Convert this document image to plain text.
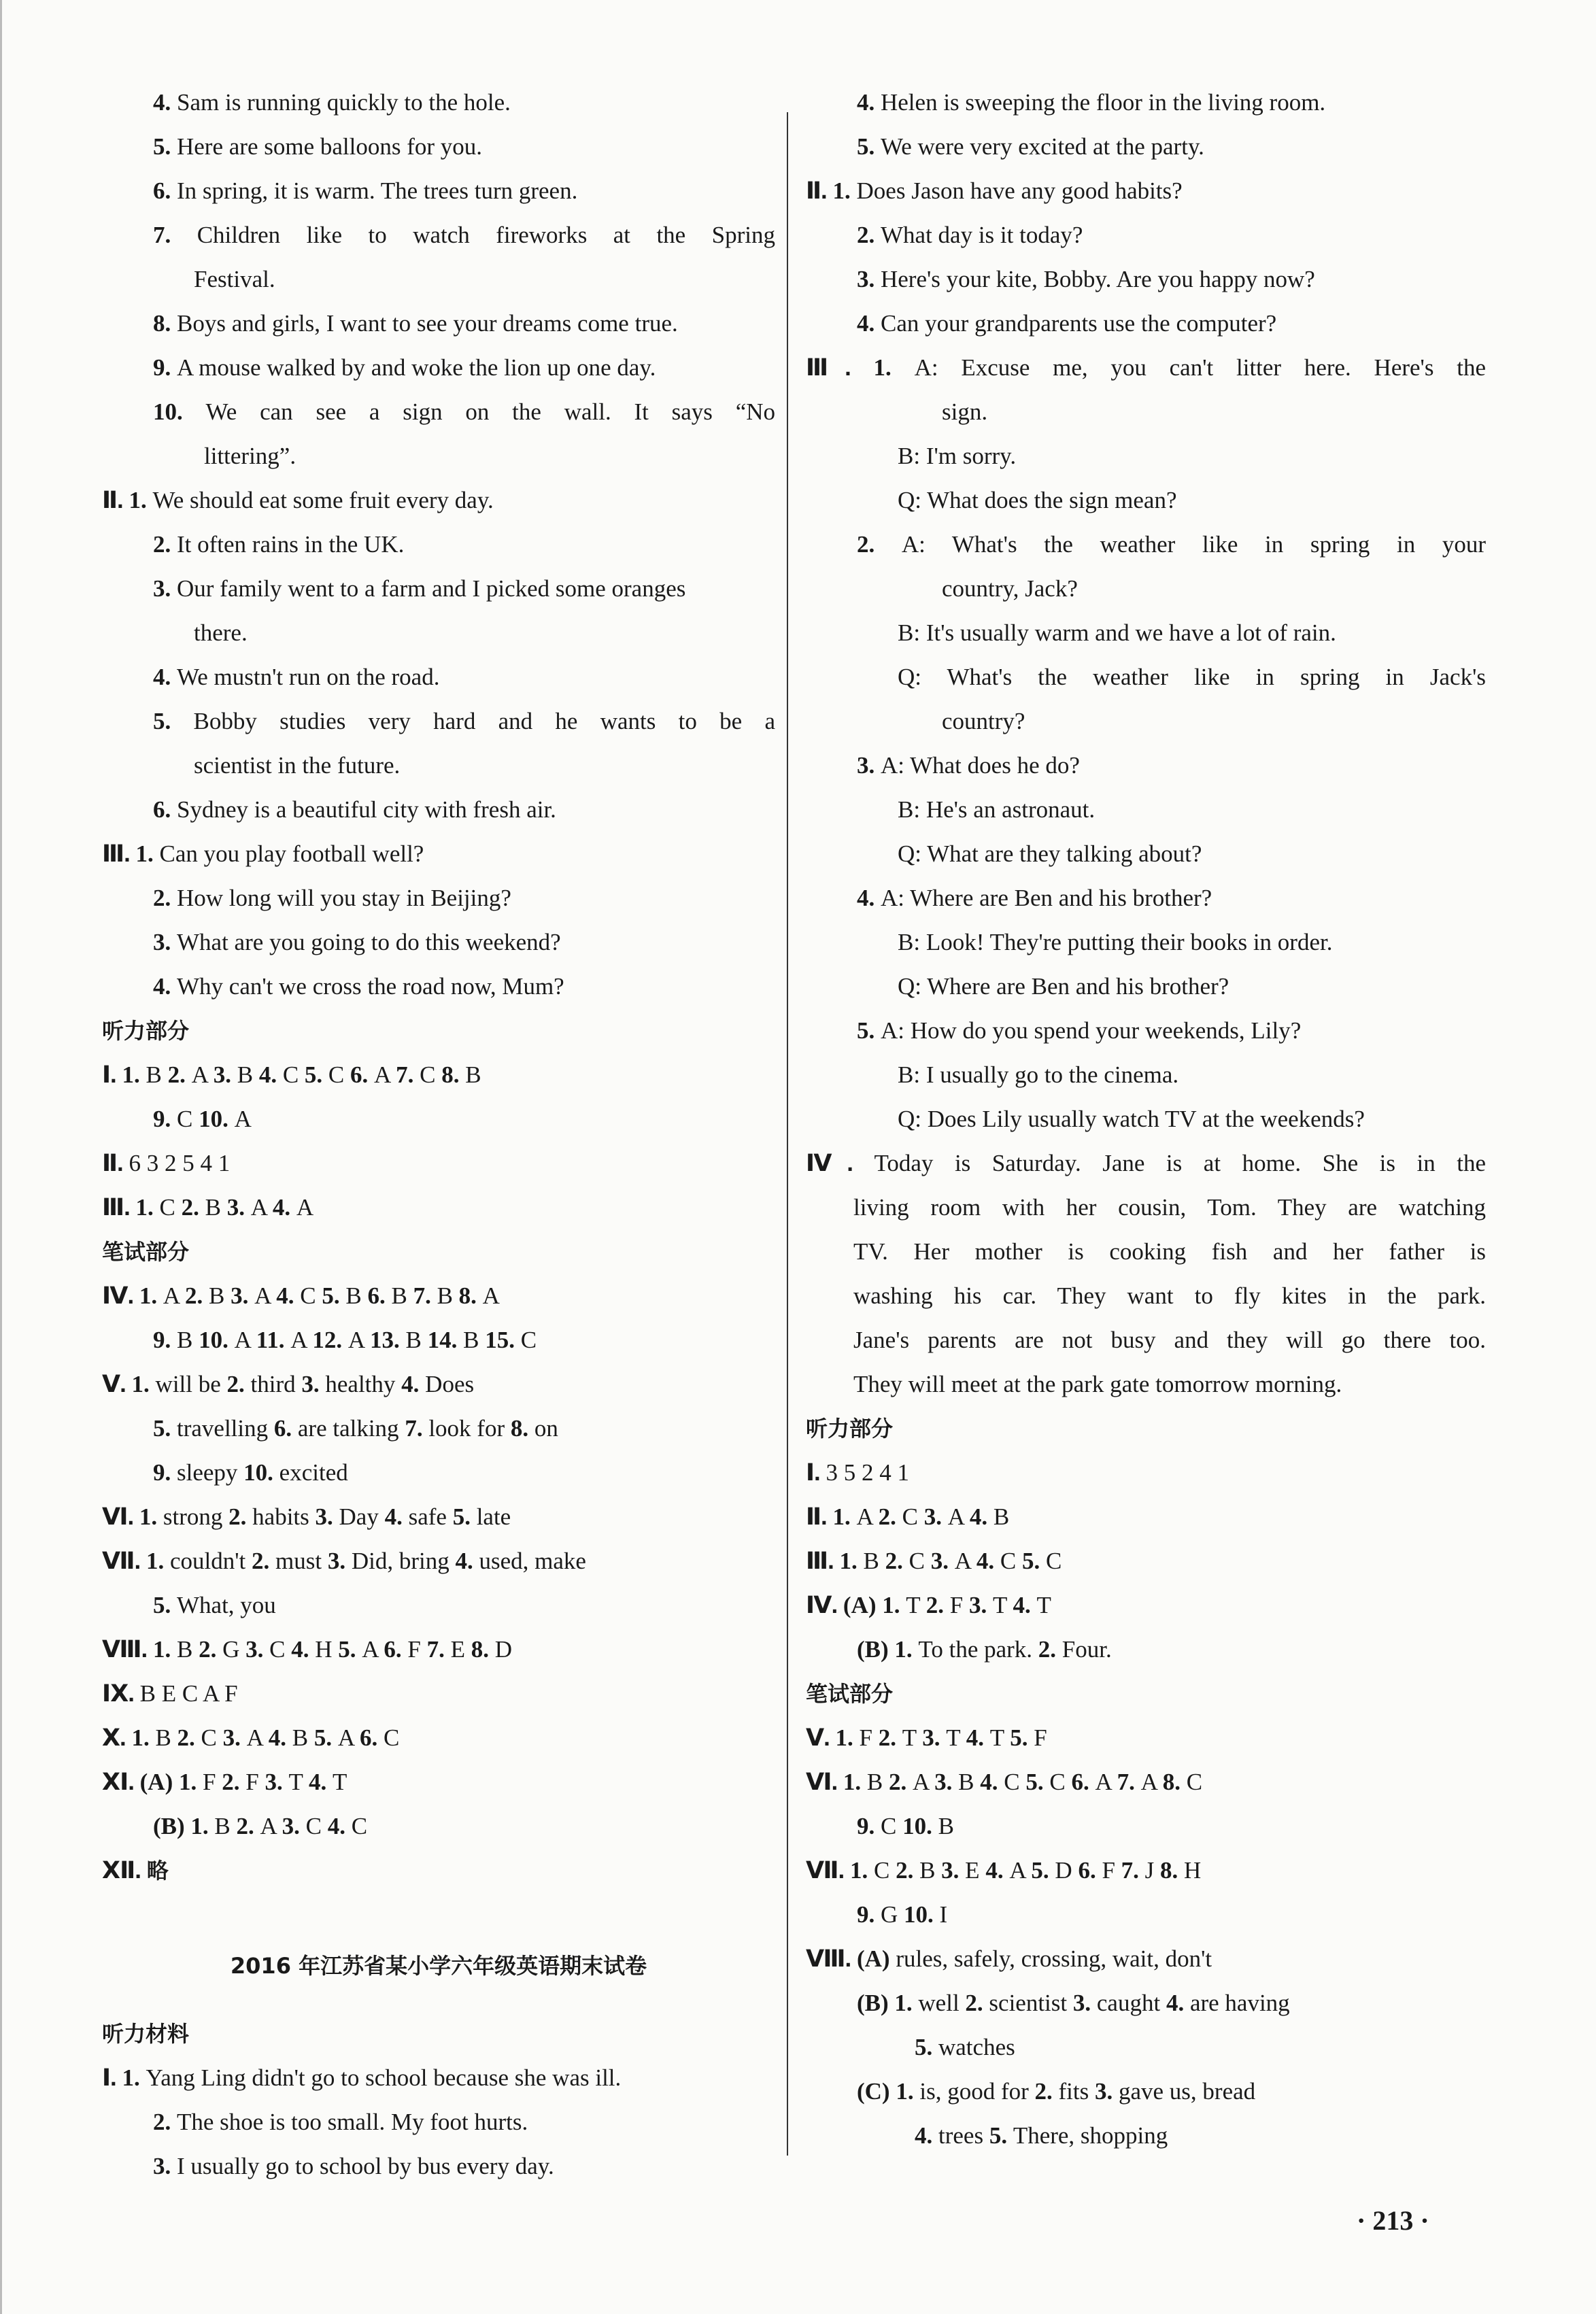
4. Sam is running quickly to the hole.
5. Here are some balloons for you.
6. In spring, it is warm. The trees turn green.
7. Children like to watch fireworks at the Spring
Festival.
8. Boys and girls, I want to see your dreams come true.
9. A mouse walked by and woke the lion up one day.
10. We can see a sign on the wall. It says “No
littering”.
Ⅱ. 1. We should eat some fruit every day.
2. It often rains in the UK.
3. Our family went to a farm and I picked some oranges
there.
4. We mustn't run on the road.
5. Bobby studies very hard and he wants to be a
scientist in the future.
6. Sydney is a beautiful city with fresh air.
Ⅲ. 1. Can you play football well?
2. How long will you stay in Beijing?
3. What are you going to do this weekend?
4. Why can't we cross the road now, Mum?
听力部分
Ⅰ. 1. B 2. A 3. B 4. C 5. C 6. A 7. C 8. B
9. C 10. A
Ⅱ. 6 3 2 5 4 1
Ⅲ. 1. C 2. B 3. A 4. A
笔试部分
Ⅳ. 1. A 2. B 3. A 4. C 5. B 6. B 7. B 8. A
9. B 10. A 11. A 12. A 13. B 14. B 15. C
Ⅴ. 1. will be 2. third 3. healthy 4. Does
5. travelling 6. are talking 7. look for 8. on
9. sleepy 10. excited
Ⅵ. 1. strong 2. habits 3. Day 4. safe 5. late
Ⅶ. 1. couldn't 2. must 3. Did, bring 4. used, make
5. What, you
Ⅷ. 1. B 2. G 3. C 4. H 5. A 6. F 7. E 8. D
Ⅸ. B E C A F
Ⅹ. 1. B 2. C 3. A 4. B 5. A 6. C
Ⅺ. (A) 1. F 2. F 3. T 4. T
(B) 1. B 2. A 3. C 4. C
Ⅻ. 略
2016 年江苏省某小学六年级英语期末试卷
听力材料
Ⅰ. 1. Yang Ling didn't go to school because she was ill.
2. The shoe is too small. My foot hurts.
3. I usually go to school by bus every day.
4. Helen is sweeping the floor in the living room.
5. We were very excited at the party.
Ⅱ. 1. Does Jason have any good habits?
2. What day is it today?
3. Here's your kite, Bobby. Are you happy now?
4. Can your grandparents use the computer?
Ⅲ. 1. A: Excuse me, you can't litter here. Here's the
sign.
B: I'm sorry.
Q: What does the sign mean?
2. A: What's the weather like in spring in your
country, Jack?
B: It's usually warm and we have a lot of rain.
Q: What's the weather like in spring in Jack's
country?
3. A: What does he do?
B: He's an astronaut.
Q: What are they talking about?
4. A: Where are Ben and his brother?
B: Look! They're putting their books in order.
Q: Where are Ben and his brother?
5. A: How do you spend your weekends, Lily?
B: I usually go to the cinema.
Q: Does Lily usually watch TV at the weekends?
Ⅳ. Today is Saturday. Jane is at home. She is in the
living room with her cousin, Tom. They are watching
TV. Her mother is cooking fish and her father is
washing his car. They want to fly kites in the park.
Jane's parents are not busy and they will go there too.
They will meet at the park gate tomorrow morning.
听力部分
Ⅰ. 3 5 2 4 1
Ⅱ. 1. A 2. C 3. A 4. B
Ⅲ. 1. B 2. C 3. A 4. C 5. C
Ⅳ. (A) 1. T 2. F 3. T 4. T
(B) 1. To the park. 2. Four.
笔试部分
Ⅴ. 1. F 2. T 3. T 4. T 5. F
Ⅵ. 1. B 2. A 3. B 4. C 5. C 6. A 7. A 8. C
9. C 10. B
Ⅶ. 1. C 2. B 3. E 4. A 5. D 6. F 7. J 8. H
9. G 10. I
Ⅷ. (A) rules, safely, crossing, wait, don't
(B) 1. well 2. scientist 3. caught 4. are having
5. watches
(C) 1. is, good for 2. fits 3. gave us, bread
4. trees 5. There, shopping
· 213 ·
